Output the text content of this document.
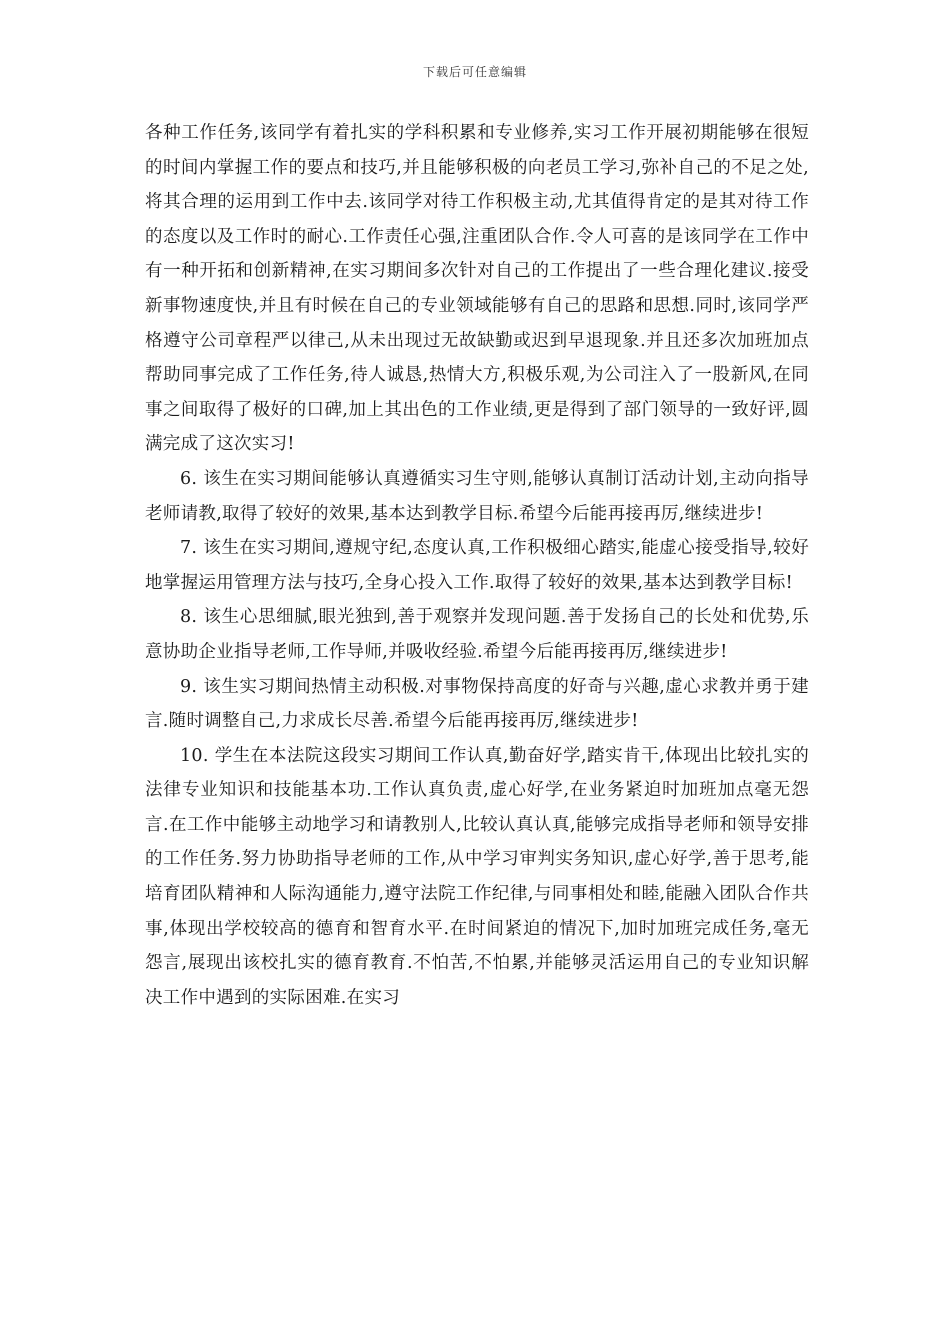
下载后可任意编辑

各种工作任务,该同学有着扎实的学科积累和专业修养,实习工作开展初期能够在很短的时间内掌握工作的要点和技巧,并且能够积极的向老员工学习,弥补自己的不足之处,将其合理的运用到工作中去.该同学对待工作积极主动,尤其值得肯定的是其对待工作的态度以及工作时的耐心.工作责任心强,注重团队合作.令人可喜的是该同学在工作中有一种开拓和创新精神,在实习期间多次针对自己的工作提出了一些合理化建议.接受新事物速度快,并且有时候在自己的专业领域能够有自己的思路和思想.同时,该同学严格遵守公司章程严以律己,从未出现过无故缺勤或迟到早退现象.并且还多次加班加点帮助同事完成了工作任务,待人诚恳,热情大方,积极乐观,为公司注入了一股新风,在同事之间取得了极好的口碑,加上其出色的工作业绩,更是得到了部门领导的一致好评,圆满完成了这次实习!

6. 该生在实习期间能够认真遵循实习生守则,能够认真制订活动计划,主动向指导老师请教,取得了较好的效果,基本达到教学目标.希望今后能再接再厉,继续进步!

7. 该生在实习期间,遵规守纪,态度认真,工作积极细心踏实,能虚心接受指导,较好地掌握运用管理方法与技巧,全身心投入工作.取得了较好的效果,基本达到教学目标!

8. 该生心思细腻,眼光独到,善于观察并发现问题.善于发扬自己的长处和优势,乐意协助企业指导老师,工作导师,并吸收经验.希望今后能再接再厉,继续进步!

9. 该生实习期间热情主动积极.对事物保持高度的好奇与兴趣,虚心求教并勇于建言.随时调整自己,力求成长尽善.希望今后能再接再厉,继续进步!

10. 学生在本法院这段实习期间工作认真,勤奋好学,踏实肯干,体现出比较扎实的法律专业知识和技能基本功.工作认真负责,虚心好学,在业务紧迫时加班加点毫无怨言.在工作中能够主动地学习和请教别人,比较认真认真,能够完成指导老师和领导安排的工作任务.努力协助指导老师的工作,从中学习审判实务知识,虚心好学,善于思考,能培育团队精神和人际沟通能力,遵守法院工作纪律,与同事相处和睦,能融入团队合作共事,体现出学校较高的德育和智育水平.在时间紧迫的情况下,加时加班完成任务,毫无怨言,展现出该校扎实的德育教育.不怕苦,不怕累,并能够灵活运用自己的专业知识解决工作中遇到的实际困难.在实习
